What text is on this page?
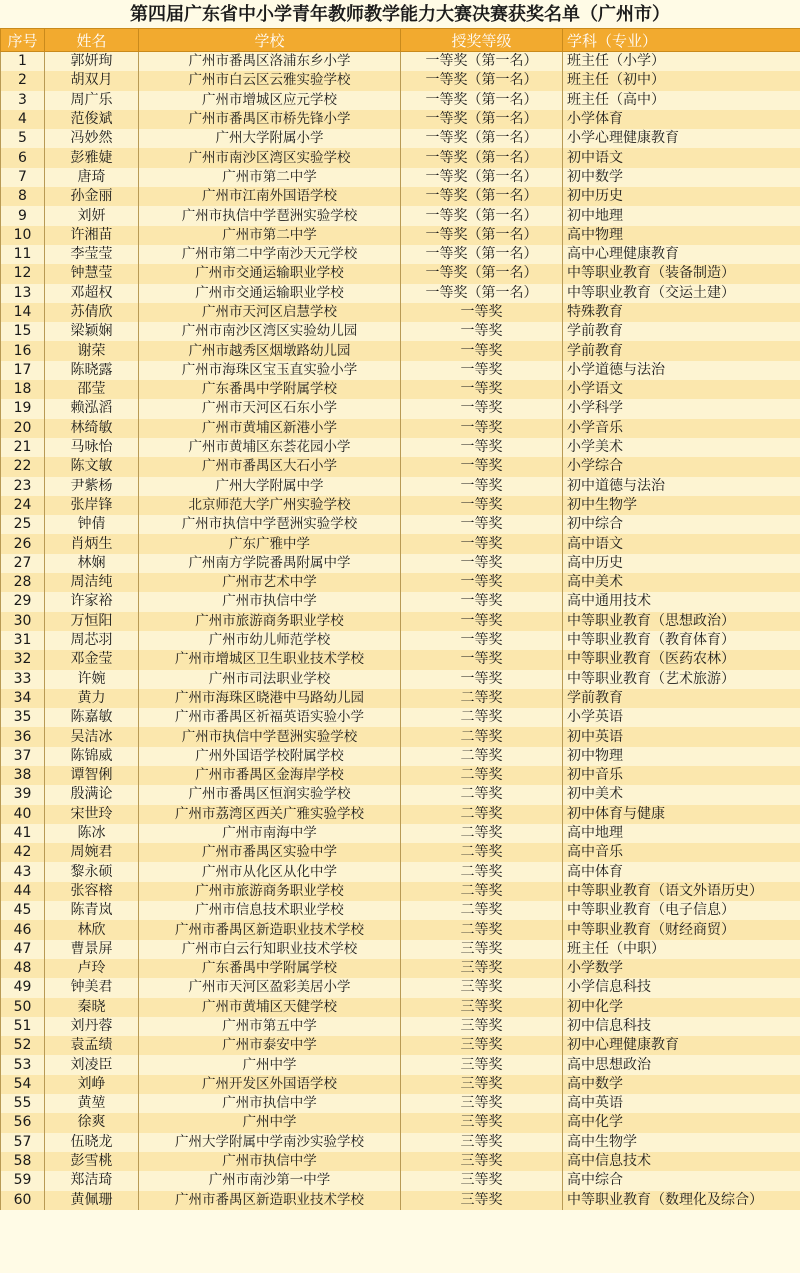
第四届广东省中小学青年教师教学能力大赛决赛获奖名单（广州市）
序号	姓名	学校	授奖等级	学科（专业）
1	郭妍珣	广州市番禺区洛浦东乡小学	一等奖（第一名）	班主任（小学）
2	胡双月	广州市白云区云雅实验学校	一等奖（第一名）	班主任（初中）
3	周广乐	广州市增城区应元学校	一等奖（第一名）	班主任（高中）
4	范俊斌	广州市番禺区市桥先锋小学	一等奖（第一名）	小学体育
5	冯妙然	广州大学附属小学	一等奖（第一名）	小学心理健康教育
6	彭雅婕	广州市南沙区湾区实验学校	一等奖（第一名）	初中语文
7	唐琦	广州市第二中学	一等奖（第一名）	初中数学
8	孙金丽	广州市江南外国语学校	一等奖（第一名）	初中历史
9	刘妍	广州市执信中学琶洲实验学校	一等奖（第一名）	初中地理
10	许湘苗	广州市第二中学	一等奖（第一名）	高中物理
11	李莹莹	广州市第二中学南沙天元学校	一等奖（第一名）	高中心理健康教育
12	钟慧莹	广州市交通运输职业学校	一等奖（第一名）	中等职业教育（装备制造）
13	邓超权	广州市交通运输职业学校	一等奖（第一名）	中等职业教育（交运土建）
14	苏倩欣	广州市天河区启慧学校	一等奖	特殊教育
15	梁颖娴	广州市南沙区湾区实验幼儿园	一等奖	学前教育
16	谢荣	广州市越秀区烟墩路幼儿园	一等奖	学前教育
17	陈晓露	广州市海珠区宝玉直实验小学	一等奖	小学道德与法治
18	邵莹	广东番禺中学附属学校	一等奖	小学语文
19	赖泓滔	广州市天河区石东小学	一等奖	小学科学
20	林绮敏	广州市黄埔区新港小学	一等奖	小学音乐
21	马咏怡	广州市黄埔区东荟花园小学	一等奖	小学美术
22	陈文敏	广州市番禺区大石小学	一等奖	小学综合
23	尹紫杨	广州大学附属中学	一等奖	初中道德与法治
24	张岸锋	北京师范大学广州实验学校	一等奖	初中生物学
25	钟倩	广州市执信中学琶洲实验学校	一等奖	初中综合
26	肖炳生	广东广雅中学	一等奖	高中语文
27	林娴	广州南方学院番禺附属中学	一等奖	高中历史
28	周洁纯	广州市艺术中学	一等奖	高中美术
29	许家裕	广州市执信中学	一等奖	高中通用技术
30	万恒阳	广州市旅游商务职业学校	一等奖	中等职业教育（思想政治）
31	周芯羽	广州市幼儿师范学校	一等奖	中等职业教育（教育体育）
32	邓金莹	广州市增城区卫生职业技术学校	一等奖	中等职业教育（医药农林）
33	许婉	广州市司法职业学校	一等奖	中等职业教育（艺术旅游）
34	黄力	广州市海珠区晓港中马路幼儿园	二等奖	学前教育
35	陈嘉敏	广州市番禺区祈福英语实验小学	二等奖	小学英语
36	吴洁冰	广州市执信中学琶洲实验学校	二等奖	初中英语
37	陈锦威	广州外国语学校附属学校	二等奖	初中物理
38	谭智俐	广州市番禺区金海岸学校	二等奖	初中音乐
39	殷满论	广州市番禺区恒润实验学校	二等奖	初中美术
40	宋世玲	广州市荔湾区西关广雅实验学校	二等奖	初中体育与健康
41	陈冰	广州市南海中学	二等奖	高中地理
42	周婉君	广州市番禺区实验中学	二等奖	高中音乐
43	黎永硕	广州市从化区从化中学	二等奖	高中体育
44	张容榕	广州市旅游商务职业学校	二等奖	中等职业教育（语文外语历史）
45	陈青岚	广州市信息技术职业学校	二等奖	中等职业教育（电子信息）
46	林欣	广州市番禺区新造职业技术学校	二等奖	中等职业教育（财经商贸）
47	曹景屏	广州市白云行知职业技术学校	三等奖	班主任（中职）
48	卢玲	广东番禺中学附属学校	三等奖	小学数学
49	钟美君	广州市天河区盈彩美居小学	三等奖	小学信息科技
50	秦晓	广州市黄埔区天健学校	三等奖	初中化学
51	刘丹蓉	广州市第五中学	三等奖	初中信息科技
52	袁孟绩	广州市泰安中学	三等奖	初中心理健康教育
53	刘凌臣	广州中学	三等奖	高中思想政治
54	刘峥	广州开发区外国语学校	三等奖	高中数学
55	黄堃	广州市执信中学	三等奖	高中英语
56	徐爽	广州中学	三等奖	高中化学
57	伍晓龙	广州大学附属中学南沙实验学校	三等奖	高中生物学
58	彭雪桃	广州市执信中学	三等奖	高中信息技术
59	郑洁琦	广州市南沙第一中学	三等奖	高中综合
60	黄佩珊	广州市番禺区新造职业技术学校	三等奖	中等职业教育（数理化及综合）
